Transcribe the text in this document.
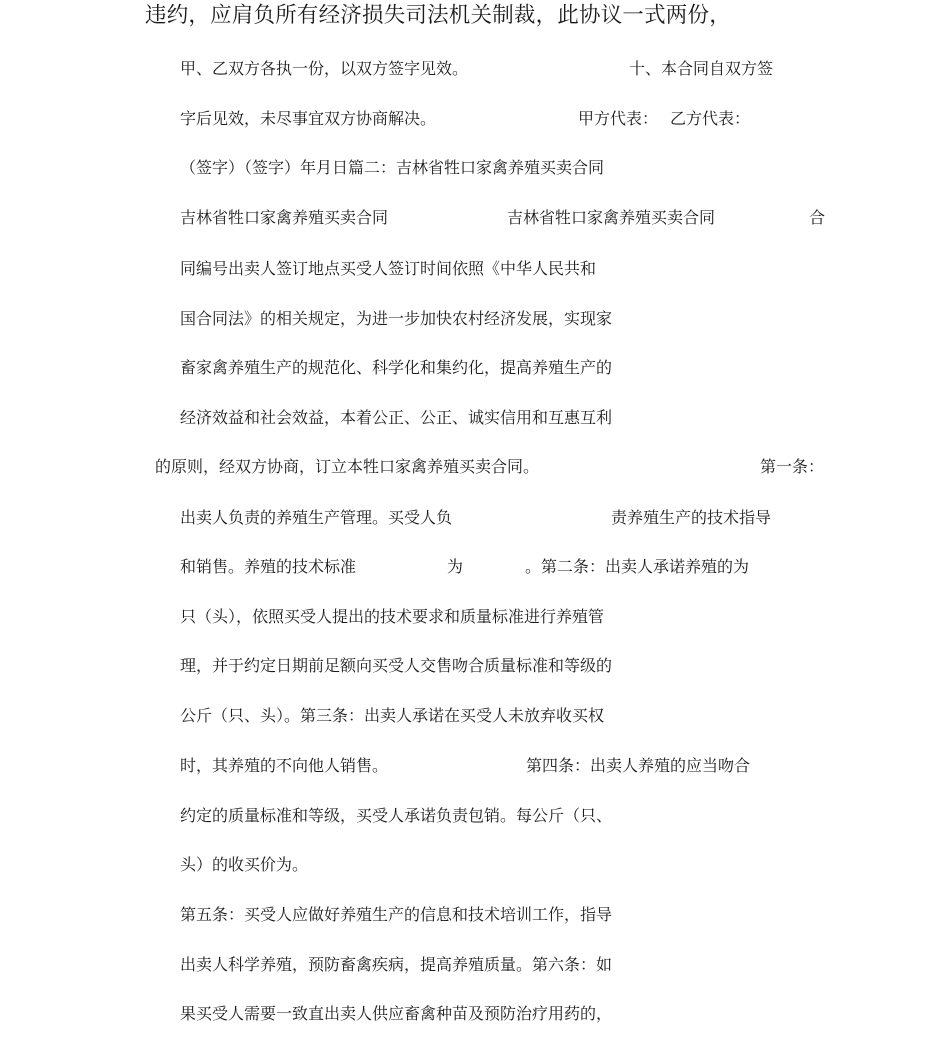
违约，应肩负所有经济损失司法机关制裁，此协议一式两份，
甲、乙双方各执一份，以双方签字见效。	十、本合同自双方签
字后见效，未尽事宜双方协商解决。	甲方代表： 乙方代表：
（签字）（签字）年月日篇二：吉林省牲口家禽养殖买卖合同
吉林省牲口家禽养殖买卖合同	吉林省牲口家禽养殖买卖合同	合
同编号出卖人签订地点买受人签订时间依照《中华人民共和
国合同法》的相关规定，为进一步加快农村经济发展，实现家
畜家禽养殖生产的规范化、科学化和集约化，提高养殖生产的
经济效益和社会效益，本着公正、公正、诚实信用和互惠互利
的原则，经双方协商，订立本牲口家禽养殖买卖合同。	第一条：
出卖人负责的养殖生产管理。买受人负	责养殖生产的技术指导
和销售。养殖的技术标准	为	。第二条：出卖人承诺养殖的为
只（头），依照买受人提出的技术要求和质量标准进行养殖管
理，并于约定日期前足额向买受人交售吻合质量标准和等级的
公斤（只、头）。第三条：出卖人承诺在买受人未放弃收买权
时，其养殖的不向他人销售。	第四条：出卖人养殖的应当吻合
约定的质量标准和等级，买受人承诺负责包销。每公斤（只、
头）的收买价为。
第五条：买受人应做好养殖生产的信息和技术培训工作，指导
出卖人科学养殖，预防畜禽疾病，提高养殖质量。第六条：如
果买受人需要一致直出卖人供应畜禽种苗及预防治疗用药的，
